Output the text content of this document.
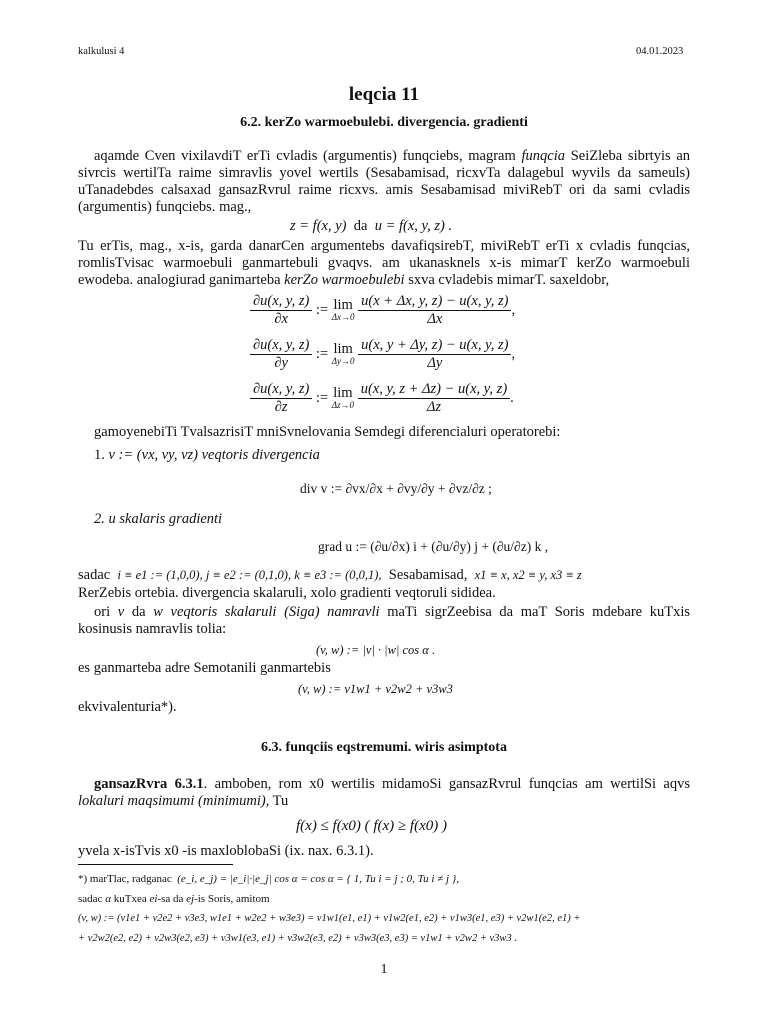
kalkulusi 4	04.01.2023
leqcia 11
6.2. kerZo warmoebulebi. divergencia. gradienti
aqamde Cven vixilavdiT erTi cvladis (argumentis) funqciebs, magram funqcia SeiZleba sibrtyis an sivrcis wertilTa raime simravlis yovel wertils (Sesabamisad, ricxvTa dalagebul wyvils da sameuls) uTanadebdes calsaxad gansazRvrul raime ricxvs. amis Sesabamisad miviRebT ori da sami cvladis (argumentis) funqciebs. mag.,
z = f(x, y) da u = f(x, y, z) .
Tu erTis, mag., x-is, garda danarCen argumentebs davafiqsirebT, miviRebT erTi x cvladis funqcias, romlisTvisac warmoebuli ganmartebuli gvaqvs. am ukanasknels x-is mimarT kerZo warmoebuli ewodeba. analogiurad ganimarteba kerZo warmoebulebi sxva cvladebis mimarT. saxeldobr,
$\frac{\partial u(x, y, z)}{\partial x}$ := lim
Δx→0
$\frac{u(x + \Delta x, y, z) - u(x, y, z)}{\Delta x}$ ,
$\frac{\partial u(x, y, z)}{\partial y}$ := lim
Δy→0
$\frac{u(x, y + \Delta y, z) - u(x, y, z)}{\Delta y}$ ,
$\frac{\partial u(x, y, z)}{\partial z}$ := lim
Δz→0
$\frac{u(x, y, z + \Delta z) - u(x, y, z)}{\Delta z}$ .
gamoyenebiTi TvalsazrisiT mniSvnelovania Semdegi diferencialuri operatorebi:
1. v := (vx, vy, vz) veqtoris divergencia
div v := ∂vx/∂x + ∂vy/∂y + ∂vz/∂z ;
2. u skalaris gradienti
grad u := (∂u/∂x) i + (∂u/∂y) j + (∂u/∂z) k ,
sadac i ≡ e1 := (1,0,0), j ≡ e2 := (0,1,0), k ≡ e3 := (0,0,1), Sesabamisad, x1 ≡ x, x2 ≡ y, x3 ≡ z
RerZebis ortebia. divergencia skalaruli, xolo gradienti veqtoruli sididea.
ori v da w veqtoris skalaruli (Siga) namravli maTi sigrZeebisa da maT Soris mdebare kuTxis kosinusis namravlis tolia:
(v, w) := |v| · |w| cos α .
es ganmarteba adre Semotanili ganmartebis
(v, w) := v1w1 + v2w2 + v3w3
ekvivalenturia*).
6.3. funqciis eqstremumi. wiris asimptota
gansazRvra 6.3.1. amboben, rom x0 wertilis midamoSi gansazRvrul funqcias am wertilSi aqvs lokaluri maqsimumi (minimumi), Tu
f(x) ≤ f(x0) ( f(x) ≥ f(x0) )
yvela x-isTvis x0 -is maxloblobaSi (ix. nax. 6.3.1).
*) marTlac, radganac (e_i, e_j) = |e_i|·|e_j| cos α = cos α = { 1, Tu i = j ; 0, Tu i ≠ j },
sadac α kuTxea ei-sa da ej-is Soris, amitom
(v, w) := (v1e1 + v2e2 + v3e3, w1e1 + w2e2 + w3e3) = v1w1(e1, e1) + v1w2(e1, e2) + v1w3(e1, e3) + v2w1(e2, e1) +
+ v2w2(e2, e2) + v2w3(e2, e3) + v3w1(e3, e1) + v3w2(e3, e2) + v3w3(e3, e3) = v1w1 + v2w2 + v3w3 .
1
